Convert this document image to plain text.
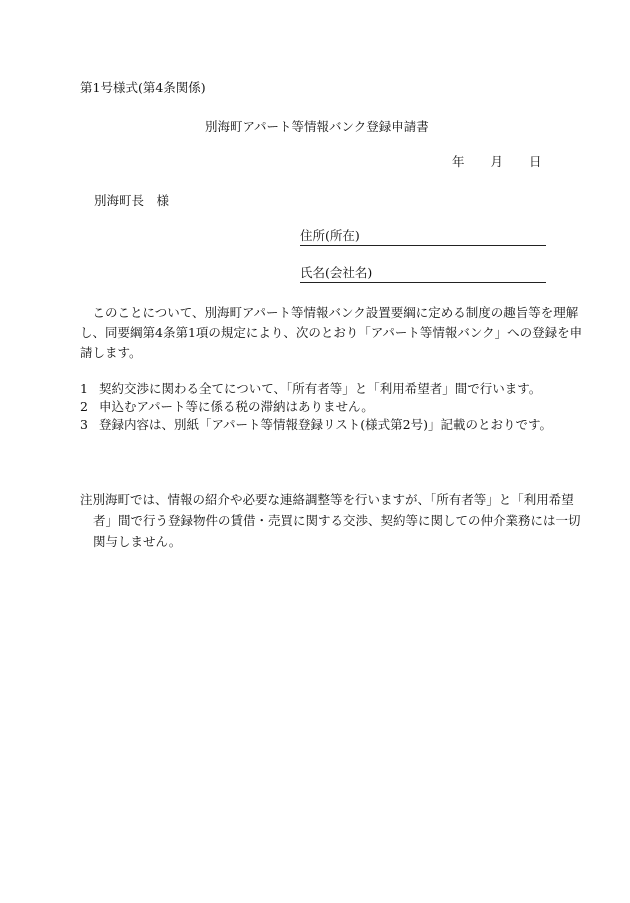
第1号様式(第4条関係)
別海町アパート等情報バンク登録申請書
年 月 日
別海町長　様
住所(所在)
氏名(会社名)
　このことについて、別海町アパート等情報バンク設置要綱に定める制度の趣旨等を理解
し、同要綱第4条第1項の規定により、次のとおり「アパート等情報バンク」への登録を申
請します。
1 契約交渉に関わる全てについて、「所有者等」と「利用希望者」間で行います。
2 申込むアパート等に係る税の滞納はありません。
3 登録内容は、別紙「アパート等情報登録リスト(様式第2号)」記載のとおりです。
注 別海町では、情報の紹介や必要な連絡調整等を行いますが、「所有者等」と「利用希望
者」間で行う登録物件の賃借・売買に関する交渉、契約等に関しての仲介業務には一切
関与しません。
